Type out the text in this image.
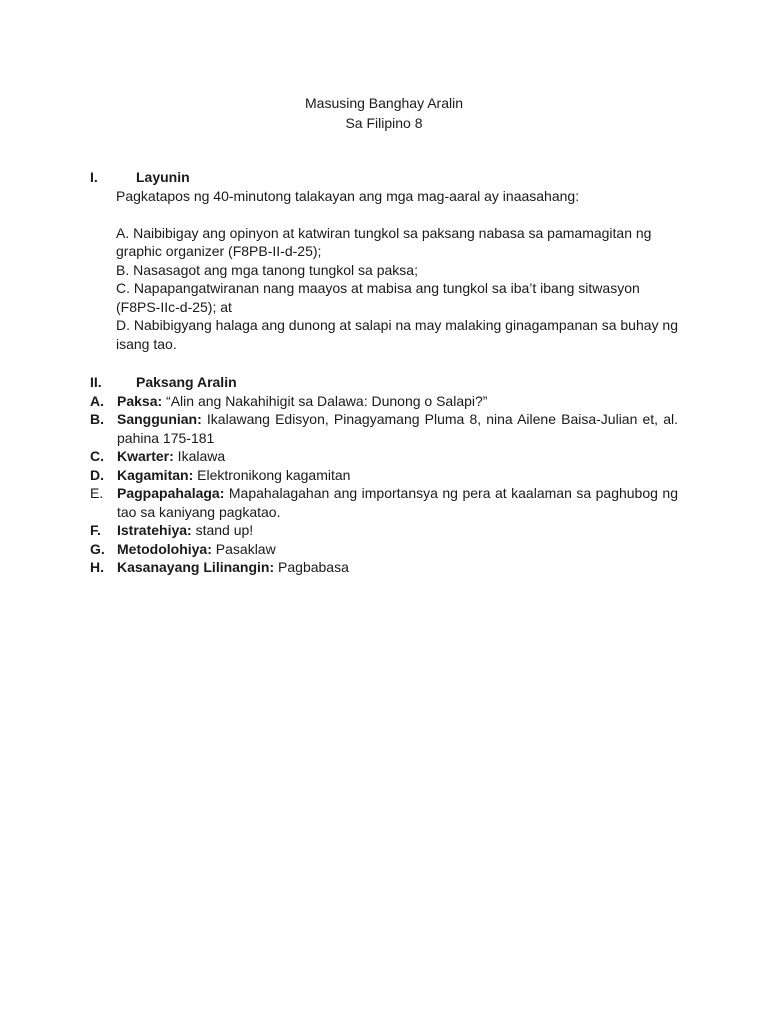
Masusing Banghay Aralin
Sa Filipino 8
I.	Layunin
Pagkatapos ng 40-minutong talakayan ang mga mag-aaral ay inaasahang:
A. Naibibigay ang opinyon at katwiran tungkol sa paksang nabasa sa pamamagitan ng graphic organizer (F8PB-II-d-25);
B. Nasasagot ang mga tanong tungkol sa paksa;
C. Napapangatwiranan nang maayos at mabisa ang tungkol sa iba’t ibang sitwasyon (F8PS-IIc-d-25); at
D. Nabibigyang halaga ang dunong at salapi na may malaking ginagampanan sa buhay ng isang tao.
II. Paksang Aralin
A. Paksa: “Alin ang Nakahihigit sa Dalawa: Dunong o Salapi?”
B. Sanggunian: Ikalawang Edisyon, Pinagyamang Pluma 8, nina Ailene Baisa-Julian et, al. pahina 175-181
C. Kwarter: Ikalawa
D. Kagamitan: Elektronikong kagamitan
E. Pagpapahalaga: Mapahalagahan ang importansya ng pera at kaalaman sa paghubog ng tao sa kaniyang pagkatao.
F. Istratehiya: stand up!
G. Metodolohiya: Pasaklaw
H. Kasanayang Lilinangin: Pagbabasa
